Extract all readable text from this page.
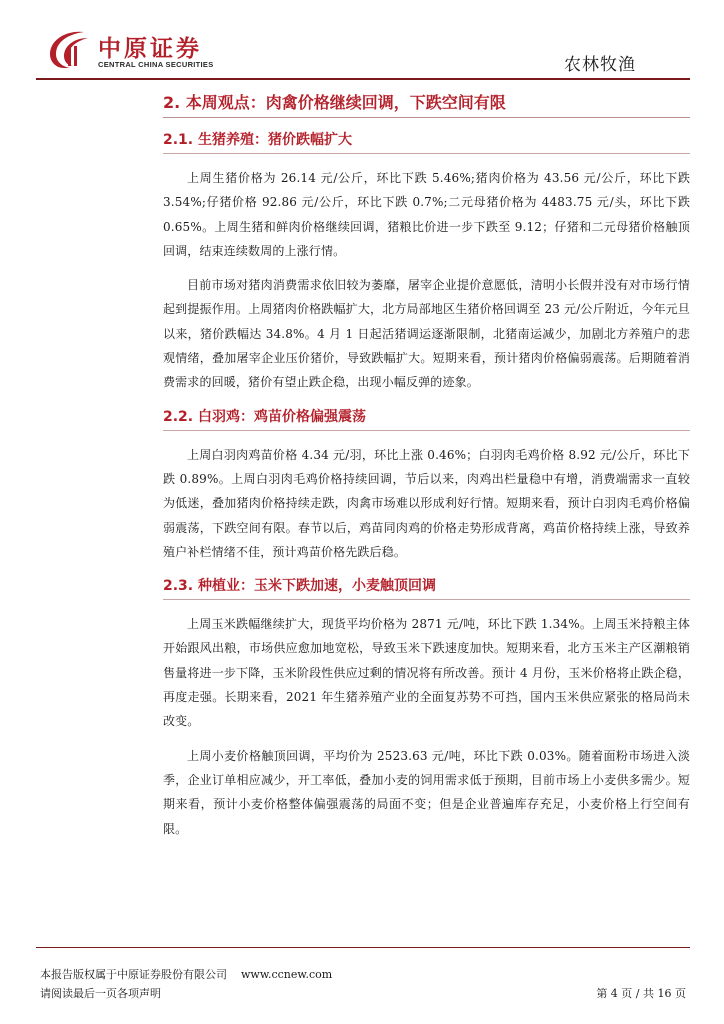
中原证券
CENTRAL CHINA SECURITIES	农林牧渔
2. 本周观点：肉禽价格继续回调，下跌空间有限
2.1. 生猪养殖：猪价跌幅扩大

上周生猪价格为 26.14 元/公斤，环比下跌 5.46%;猪肉价格为 43.56 元/公斤，环比下跌 3.54%;仔猪价格 92.86 元/公斤，环比下跌 0.7%;二元母猪价格为 4483.75 元/头，环比下跌 0.65%。上周生猪和鲜肉价格继续回调，猪粮比价进一步下跌至 9.12；仔猪和二元母猪价格触顶回调，结束连续数周的上涨行情。

目前市场对猪肉消费需求依旧较为萎靡，屠宰企业提价意愿低，清明小长假并没有对市场行情起到提振作用。上周猪肉价格跌幅扩大，北方局部地区生猪价格回调至 23 元/公斤附近，今年元旦以来，猪价跌幅达 34.8%。4 月 1 日起活猪调运逐渐限制，北猪南运减少，加剧北方养殖户的悲观情绪，叠加屠宰企业压价猪价，导致跌幅扩大。短期来看，预计猪肉价格偏弱震荡。后期随着消费需求的回暖，猪价有望止跌企稳，出现小幅反弹的迹象。

2.2. 白羽鸡：鸡苗价格偏强震荡

上周白羽肉鸡苗价格 4.34 元/羽，环比上涨 0.46%；白羽肉毛鸡价格 8.92 元/公斤，环比下跌 0.89%。上周白羽肉毛鸡价格持续回调，节后以来，肉鸡出栏量稳中有增，消费端需求一直较为低迷，叠加猪肉价格持续走跌，肉禽市场难以形成利好行情。短期来看，预计白羽肉毛鸡价格偏弱震荡，下跌空间有限。春节以后，鸡苗同肉鸡的价格走势形成背离，鸡苗价格持续上涨，导致养殖户补栏情绪不佳，预计鸡苗价格先跌后稳。

2.3. 种植业：玉米下跌加速，小麦触顶回调

上周玉米跌幅继续扩大，现货平均价格为 2871 元/吨，环比下跌 1.34%。上周玉米持粮主体开始跟风出粮，市场供应愈加地宽松，导致玉米下跌速度加快。短期来看，北方玉米主产区潮粮销售量将进一步下降，玉米阶段性供应过剩的情况将有所改善。预计 4 月份，玉米价格将止跌企稳，再度走强。长期来看，2021 年生猪养殖产业的全面复苏势不可挡，国内玉米供应紧张的格局尚未改变。

上周小麦价格触顶回调，平均价为 2523.63 元/吨，环比下跌 0.03%。随着面粉市场进入淡季，企业订单相应减少，开工率低，叠加小麦的饲用需求低于预期，目前市场上小麦供多需少。短期来看，预计小麦价格整体偏强震荡的局面不变；但是企业普遍库存充足，小麦价格上行空间有限。

本报告版权属于中原证券股份有限公司 www.ccnew.com
请阅读最后一页各项声明	第 4 页 / 共 16 页
